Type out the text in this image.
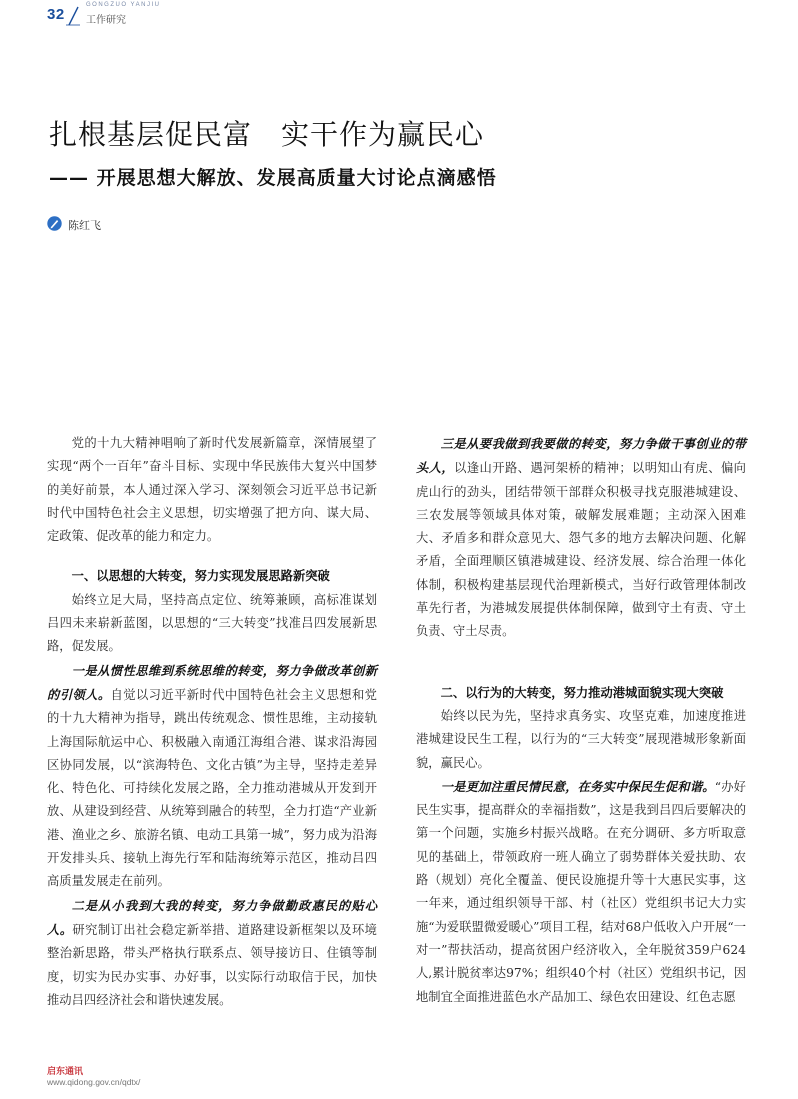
32
GONGZUO YANJIU
工作研究
扎根基层促民富　实干作为赢民心
—— 开展思想大解放、发展高质量大讨论点滴感悟
陈红飞

党的十九大精神唱响了新时代发展新篇章，深情展望了实现“两个一百年”奋斗目标、实现中华民族伟大复兴中国梦的美好前景，本人通过深入学习、深刻领会习近平总书记新时代中国特色社会主义思想，切实增强了把方向、谋大局、定政策、促改革的能力和定力。

一、以思想的大转变，努力实现发展思路新突破

始终立足大局，坚持高点定位、统筹兼顾，高标准谋划吕四未来崭新蓝图，以思想的“三大转变”找准吕四发展新思路，促发展。

一是从惯性思维到系统思维的转变，努力争做改革创新的引领人。自觉以习近平新时代中国特色社会主义思想和党的十九大精神为指导，跳出传统观念、惯性思维，主动接轨上海国际航运中心、积极融入南通江海组合港、谋求沿海园区协同发展，以“滨海特色、文化古镇”为主导，坚持走差异化、特色化、可持续化发展之路，全力推动港城从开发到开放、从建设到经营、从统筹到融合的转型，全力打造“产业新港、渔业之乡、旅游名镇、电动工具第一城”，努力成为沿海开发排头兵、接轨上海先行军和陆海统筹示范区，推动吕四高质量发展走在前列。

二是从小我到大我的转变，努力争做勤政惠民的贴心人。研究制订出社会稳定新举措、道路建设新框架以及环境整治新思路，带头严格执行联系点、领导接访日、住镇等制度，切实为民办实事、办好事，以实际行动取信于民，加快推动吕四经济社会和谐快速发展。

三是从要我做到我要做的转变，努力争做干事创业的带头人，以逢山开路、遇河架桥的精神；以明知山有虎、偏向虎山行的劲头，团结带领干部群众积极寻找克服港城建设、三农发展等领域具体对策，破解发展难题；主动深入困难大、矛盾多和群众意见大、怨气多的地方去解决问题、化解矛盾，全面理顺区镇港城建设、经济发展、综合治理一体化体制，积极构建基层现代治理新模式，当好行政管理体制改革先行者，为港城发展提供体制保障，做到守土有责、守土负责、守土尽责。

二、以行为的大转变，努力推动港城面貌实现大突破

始终以民为先，坚持求真务实、攻坚克难，加速度推进港城建设民生工程，以行为的“三大转变”展现港城形象新面貌，赢民心。

一是更加注重民情民意，在务实中保民生促和谐。“办好民生实事，提高群众的幸福指数”，这是我到吕四后要解决的第一个问题，实施乡村振兴战略。在充分调研、多方听取意见的基础上，带领政府一班人确立了弱势群体关爱扶助、农路（规划）亮化全覆盖、便民设施提升等十大惠民实事，这一年来，通过组织领导干部、村（社区）党组织书记大力实施“为爱联盟微爱暖心”项目工程，结对68户低收入户开展“一对一”帮扶活动，提高贫困户经济收入，全年脱贫359户624人,累计脱贫率达97%；组织40个村（社区）党组织书记，因地制宜全面推进蓝色水产品加工、绿色农田建设、红色志愿

启东通讯
www.qidong.gov.cn/qdtx/
